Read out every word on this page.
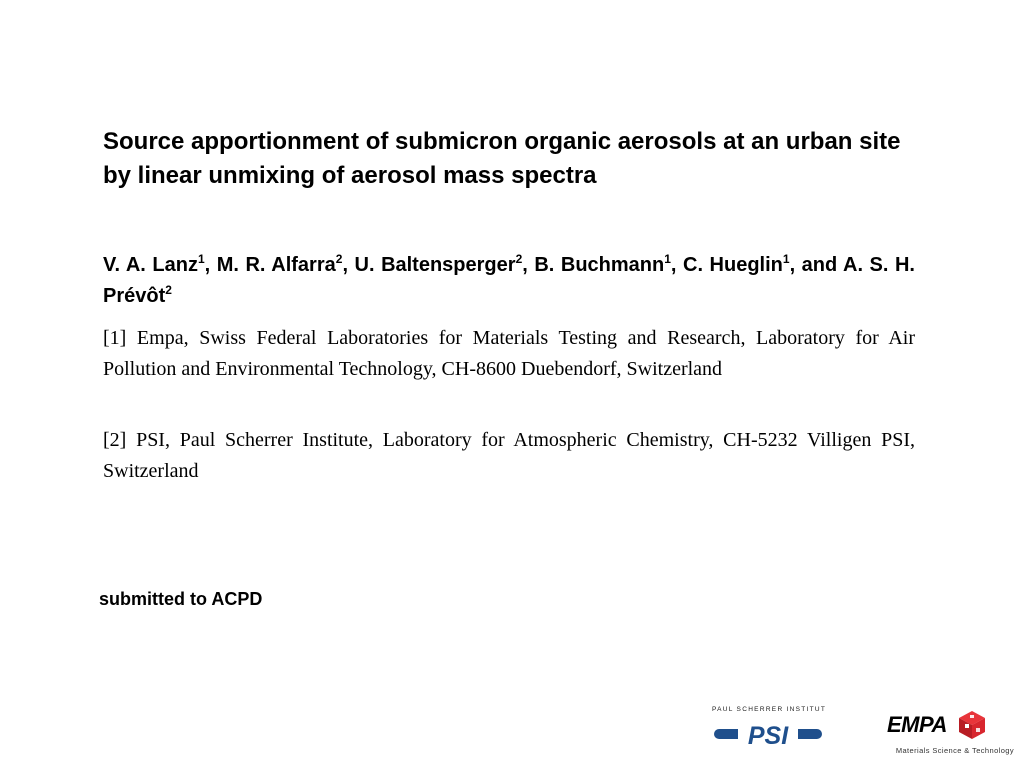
Source apportionment of submicron organic aerosols at an urban site by linear unmixing of aerosol mass spectra

V. A. Lanz$^1$, M. R. Alfarra$^2$, U. Baltensperger$^2$, B. Buchmann$^1$, C. Hueglin$^1$, and A. S. H. Prévôt$^2$

[1] Empa, Swiss Federal Laboratories for Materials Testing and Research, Laboratory for Air Pollution and Environmental Technology, CH-8600 Duebendorf, Switzerland

[2] PSI, Paul Scherrer Institute, Laboratory for Atmospheric Chemistry, CH-5232 Villigen PSI, Switzerland

submitted to ACPD

PAUL SCHERRER INSTITUT
PSI	EMPA
Materials Science & Technology
